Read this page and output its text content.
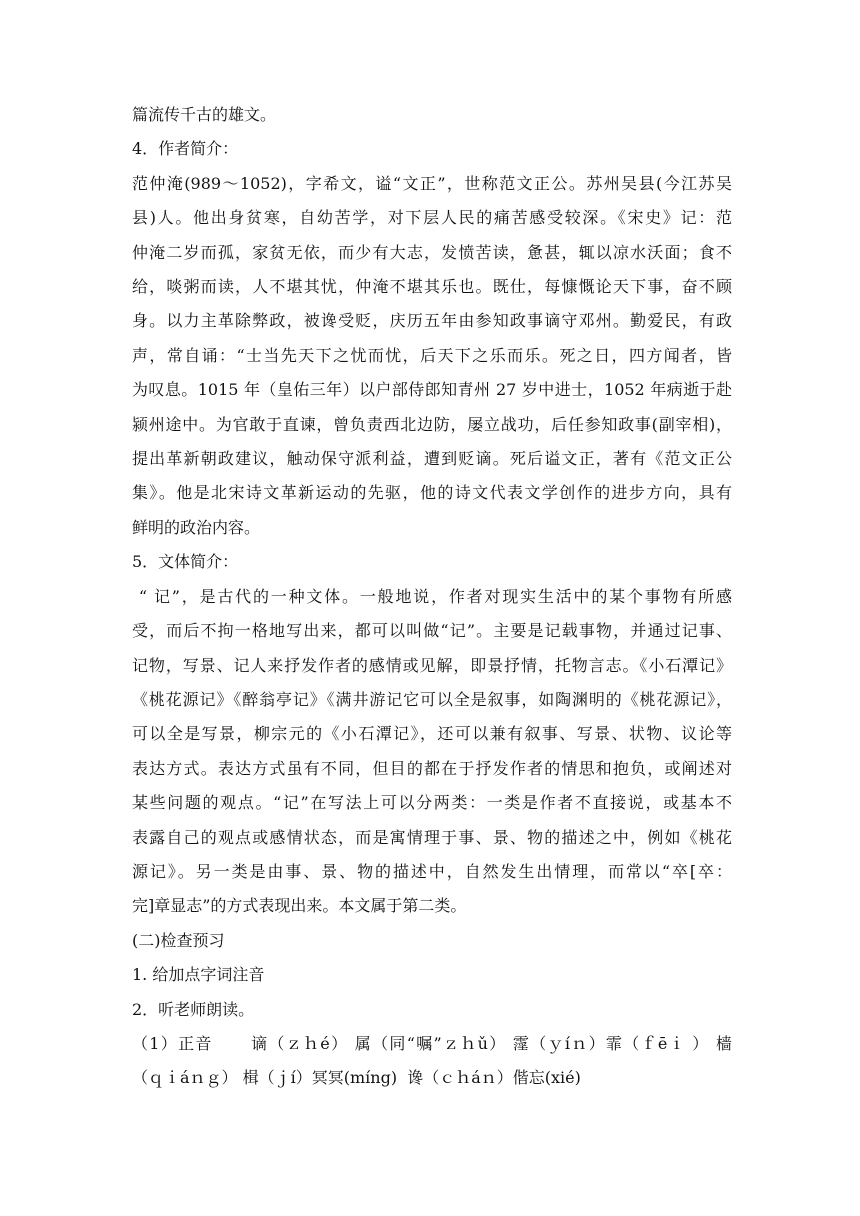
篇流传千古的雄文。

4．作者简介：

范仲淹(989～1052)，字希文，谥“文正”，世称范文正公。苏州吴县(今江苏吴

县)人。他出身贫寒，自幼苦学，对下层人民的痛苦感受较深。《宋史》记：范

仲淹二岁而孤，家贫无依，而少有大志，发愤苦读，惫甚，辄以凉水沃面；食不

给，啖粥而读，人不堪其忧，仲淹不堪其乐也。既仕，每慷慨论天下事，奋不顾

身。以力主革除弊政，被谗受贬，庆历五年由参知政事谪守邓州。勤爱民，有政

声，常自诵：“士当先天下之忧而忧，后天下之乐而乐。死之日，四方闻者，皆

为叹息。1015 年（皇佑三年）以户部侍郎知青州 27 岁中进士，1052 年病逝于赴

颍州途中。为官敢于直谏，曾负责西北边防，屡立战功，后任参知政事(副宰相)，

提出革新朝政建议，触动保守派利益，遭到贬谪。死后谥文正，著有《范文正公

集》。他是北宋诗文革新运动的先驱，他的诗文代表文学创作的进步方向，具有

鲜明的政治内容。

5．文体简介：

“ 记”，是古代的一种文体。一般地说，作者对现实生活中的某个事物有所感

受，而后不拘一格地写出来，都可以叫做“记”。主要是记载事物，并通过记事、

记物，写景、记人来抒发作者的感情或见解，即景抒情，托物言志。《小石潭记》

《桃花源记》《醉翁亭记》《满井游记它可以全是叙事，如陶渊明的《桃花源记》，

可以全是写景，柳宗元的《小石潭记》，还可以兼有叙事、写景、状物、议论等

表达方式。表达方式虽有不同，但目的都在于抒发作者的情思和抱负，或阐述对

某些问题的观点。“记”在写法上可以分两类：一类是作者不直接说，或基本不

表露自己的观点或感情状态，而是寓情理于事、景、物的描述之中，例如《桃花

源记》。另一类是由事、景、物的描述中，自然发生出情理，而常以“卒[卒：

完]章显志”的方式表现出来。本文属于第二类。

(二)检查预习

1. 给加点字词注音

2．听老师朗读。

（1）正音      谪（ｚｈé） 属（同“嘱”ｚｈǔ） 霪（ｙíｎ）霏（ｆēｉ ） 樯

（ｑｉáｎｇ） 楫（ｊí）冥冥(míng)  谗（ｃｈáｎ）偕忘(xié)
